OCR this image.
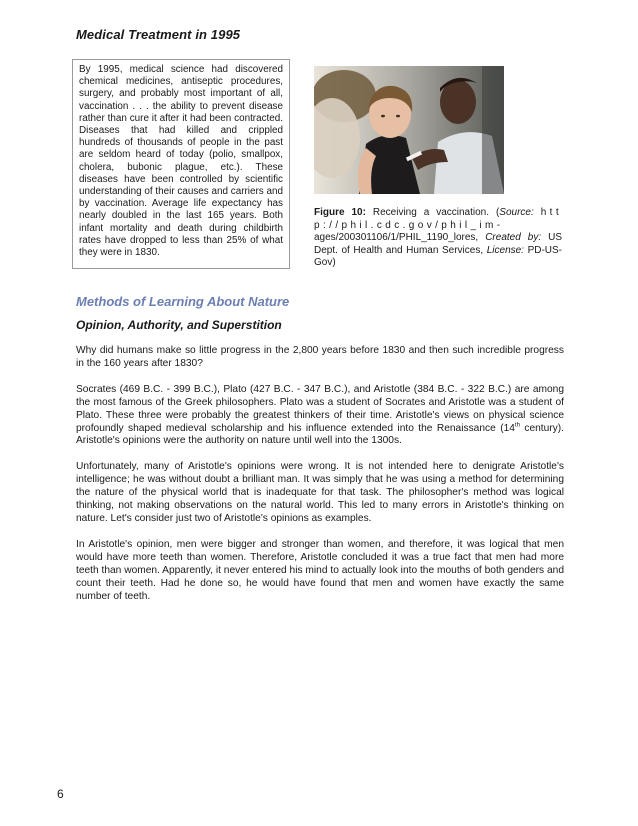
Medical Treatment in 1995
By 1995, medical science had discovered chemical medicines, antiseptic procedures, surgery, and probably most important of all, vaccination . . . the ability to prevent disease rather than cure it after it had been contracted. Diseases that had killed and crippled hundreds of thousands of people in the past are seldom heard of today (polio, smallpox, cholera, bubonic plague, etc.). These diseases have been controlled by scientific understanding of their causes and carriers and by vaccination. Average life expectancy has nearly doubled in the last 165 years. Both infant mortality and death during childbirth rates have dropped to less than 25% of what they were in 1830.
Figure 10: Receiving a vaccination. (Source: http://phil.cdc.gov/phil_im-ages/200301106/1/PHIL_1190_lores, Created by: US Dept. of Health and Human Services, License: PD-US-Gov)
Methods of Learning About Nature
Opinion, Authority, and Superstition

Why did humans make so little progress in the 2,800 years before 1830 and then such incredible progress in the 160 years after 1830?

Socrates (469 B.C. - 399 B.C.), Plato (427 B.C. - 347 B.C.), and Aristotle (384 B.C. - 322 B.C.) are among the most famous of the Greek philosophers. Plato was a student of Socrates and Aristotle was a student of Plato. These three were probably the greatest thinkers of their time. Aristotle's views on physical science profoundly shaped medieval scholarship and his influence extended into the Renaissance (14th century). Aristotle's opinions were the authority on nature until well into the 1300s.

Unfortunately, many of Aristotle's opinions were wrong. It is not intended here to denigrate Aristotle's intelligence; he was without doubt a brilliant man. It was simply that he was using a method for determining the nature of the physical world that is inadequate for that task. The philosopher's method was logical thinking, not making observations on the natural world. This led to many errors in Aristotle's thinking on nature. Let's consider just two of Aristotle's opinions as examples.

In Aristotle's opinion, men were bigger and stronger than women, and therefore, it was logical that men would have more teeth than women. Therefore, Aristotle concluded it was a true fact that men had more teeth than women. Apparently, it never entered his mind to actually look into the mouths of both genders and count their teeth. Had he done so, he would have found that men and women have exactly the same number of teeth.

6
